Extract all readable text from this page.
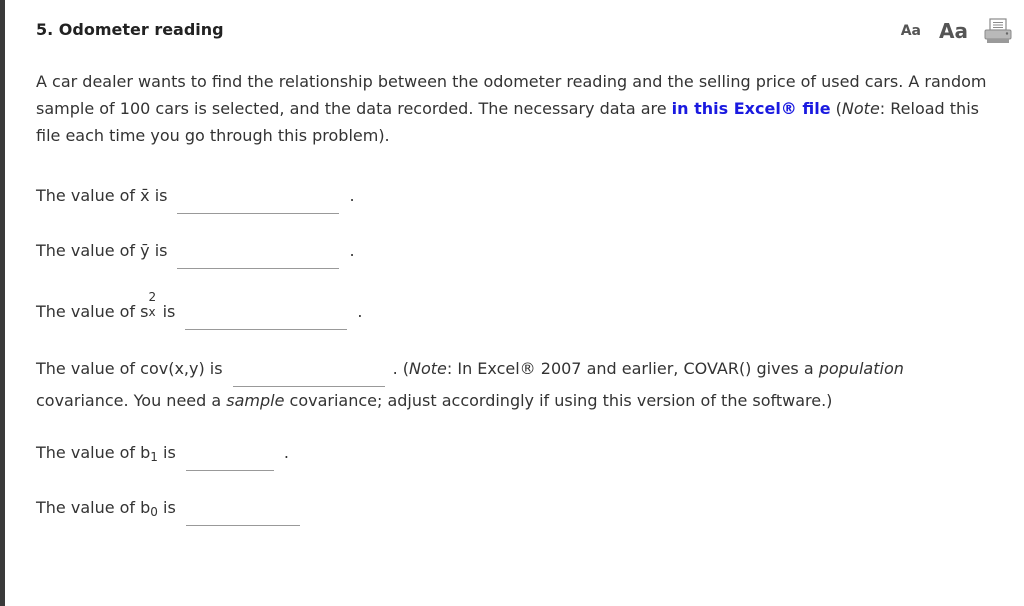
5. Odometer reading	Aa Aa

A car dealer wants to find the relationship between the odometer reading and the selling price of used cars. A random sample of 100 cars is selected, and the data recorded. The necessary data are in this Excel® file (Note: Reload this file each time you go through this problem).

The value of x̄ is	.
The value of ȳ is	.
The value of s
2
x is	.
The value of cov(x,y) is	. (Note: In Excel® 2007 and earlier, COVAR() gives a population covariance. You need a sample covariance; adjust accordingly if using this version of the software.)
The value of $b_1$ is	.
The value of $b_0$ is
